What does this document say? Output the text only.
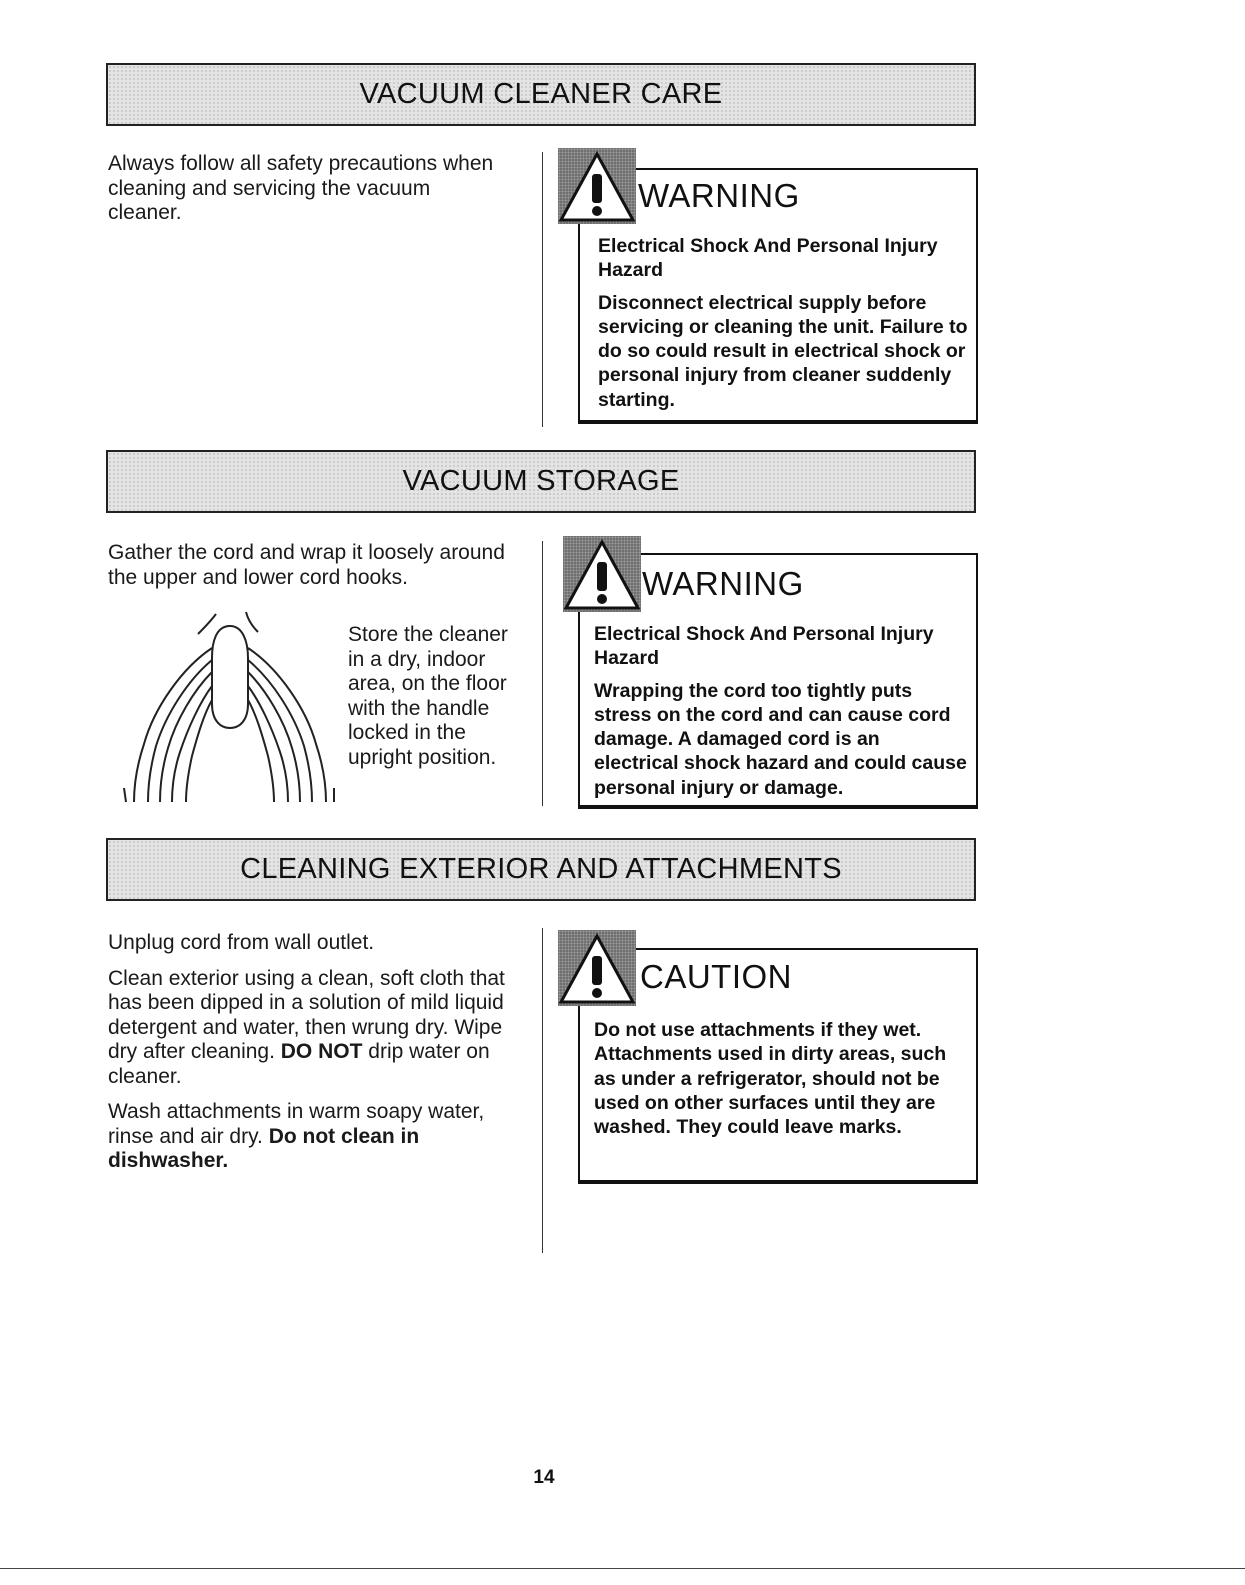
VACUUM CLEANER CARE

Always follow all safety precautions when cleaning and servicing the vacuum cleaner.	WARNING

Electrical Shock And Personal Injury Hazard

Disconnect electrical supply before servicing or cleaning the unit. Failure to do so could result in electrical shock or personal injury from cleaner suddenly starting.

VACUUM STORAGE

Gather the cord and wrap it loosely around the upper and lower cord hooks.

Store the cleaner in a dry, indoor area, on the floor with the handle locked in the upright position.

WARNING

Electrical Shock And Personal Injury Hazard

Wrapping the cord too tightly puts stress on the cord and can cause cord damage. A damaged cord is an electrical shock hazard and could cause personal injury or damage.

CLEANING EXTERIOR AND ATTACHMENTS

Unplug cord from wall outlet.

Clean exterior using a clean, soft cloth that has been dipped in a solution of mild liquid detergent and water, then wrung dry. Wipe dry after cleaning. DO NOT drip water on cleaner.

Wash attachments in warm soapy water, rinse and air dry. Do not clean in dishwasher.

CAUTION

Do not use attachments if they wet. Attachments used in dirty areas, such as under a refrigerator, should not be used on other surfaces until they are washed. They could leave marks.

14
